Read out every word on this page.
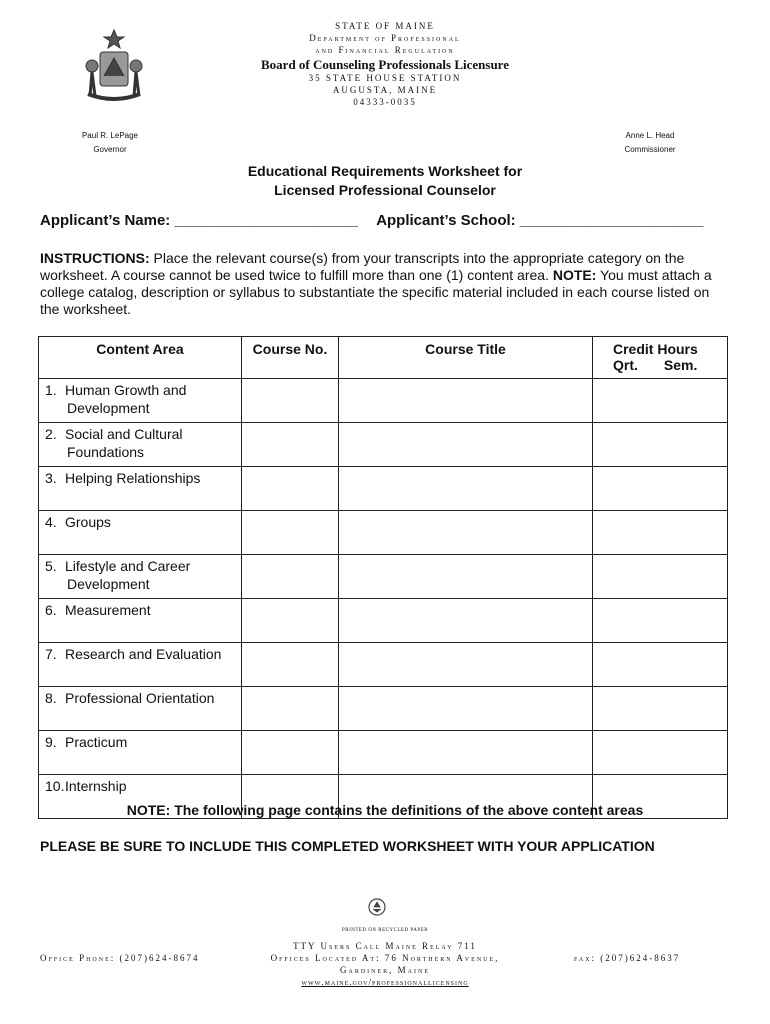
STATE OF MAINE
Department of Professional
and Financial Regulation
Board of Counseling Professionals Licensure
35 STATE HOUSE STATION
AUGUSTA, MAINE
04333-0035
Paul R. LePage
Governor
Anne L. Head
Commissioner
Educational Requirements Worksheet for
Licensed Professional Counselor
Applicant’s Name: ______________________ Applicant’s School: ______________________
INSTRUCTIONS: Place the relevant course(s) from your transcripts into the appropriate category on the worksheet. A course cannot be used twice to fulfill more than one (1) content area. NOTE: You must attach a college catalog, description or syllabus to substantiate the specific material included in each course listed on the worksheet.
Content Area	Course No.	Course Title	Credit Hours
Qrt. Sem.

1. Human Growth and
Development			

2. Social and Cultural
Foundations			

3. Helping Relationships			
4. Groups			
5. Lifestyle and Career
Development			

6. Measurement			
7. Research and Evaluation			
8. Professional Orientation			
9. Practicum			
10.Internship			
NOTE: The following page contains the definitions of the above content areas
PLEASE BE SURE TO INCLUDE THIS COMPLETED WORKSHEET WITH YOUR APPLICATION
PRINTED ON RECYCLED PAPER
Office Phone: (207)624-8674
TTY Users Call Maine Relay 711
Offices Located At: 76 Northern Avenue,
Gardiner, Maine
www.maine.gov/professionallicensing
fax: (207)624-8637
